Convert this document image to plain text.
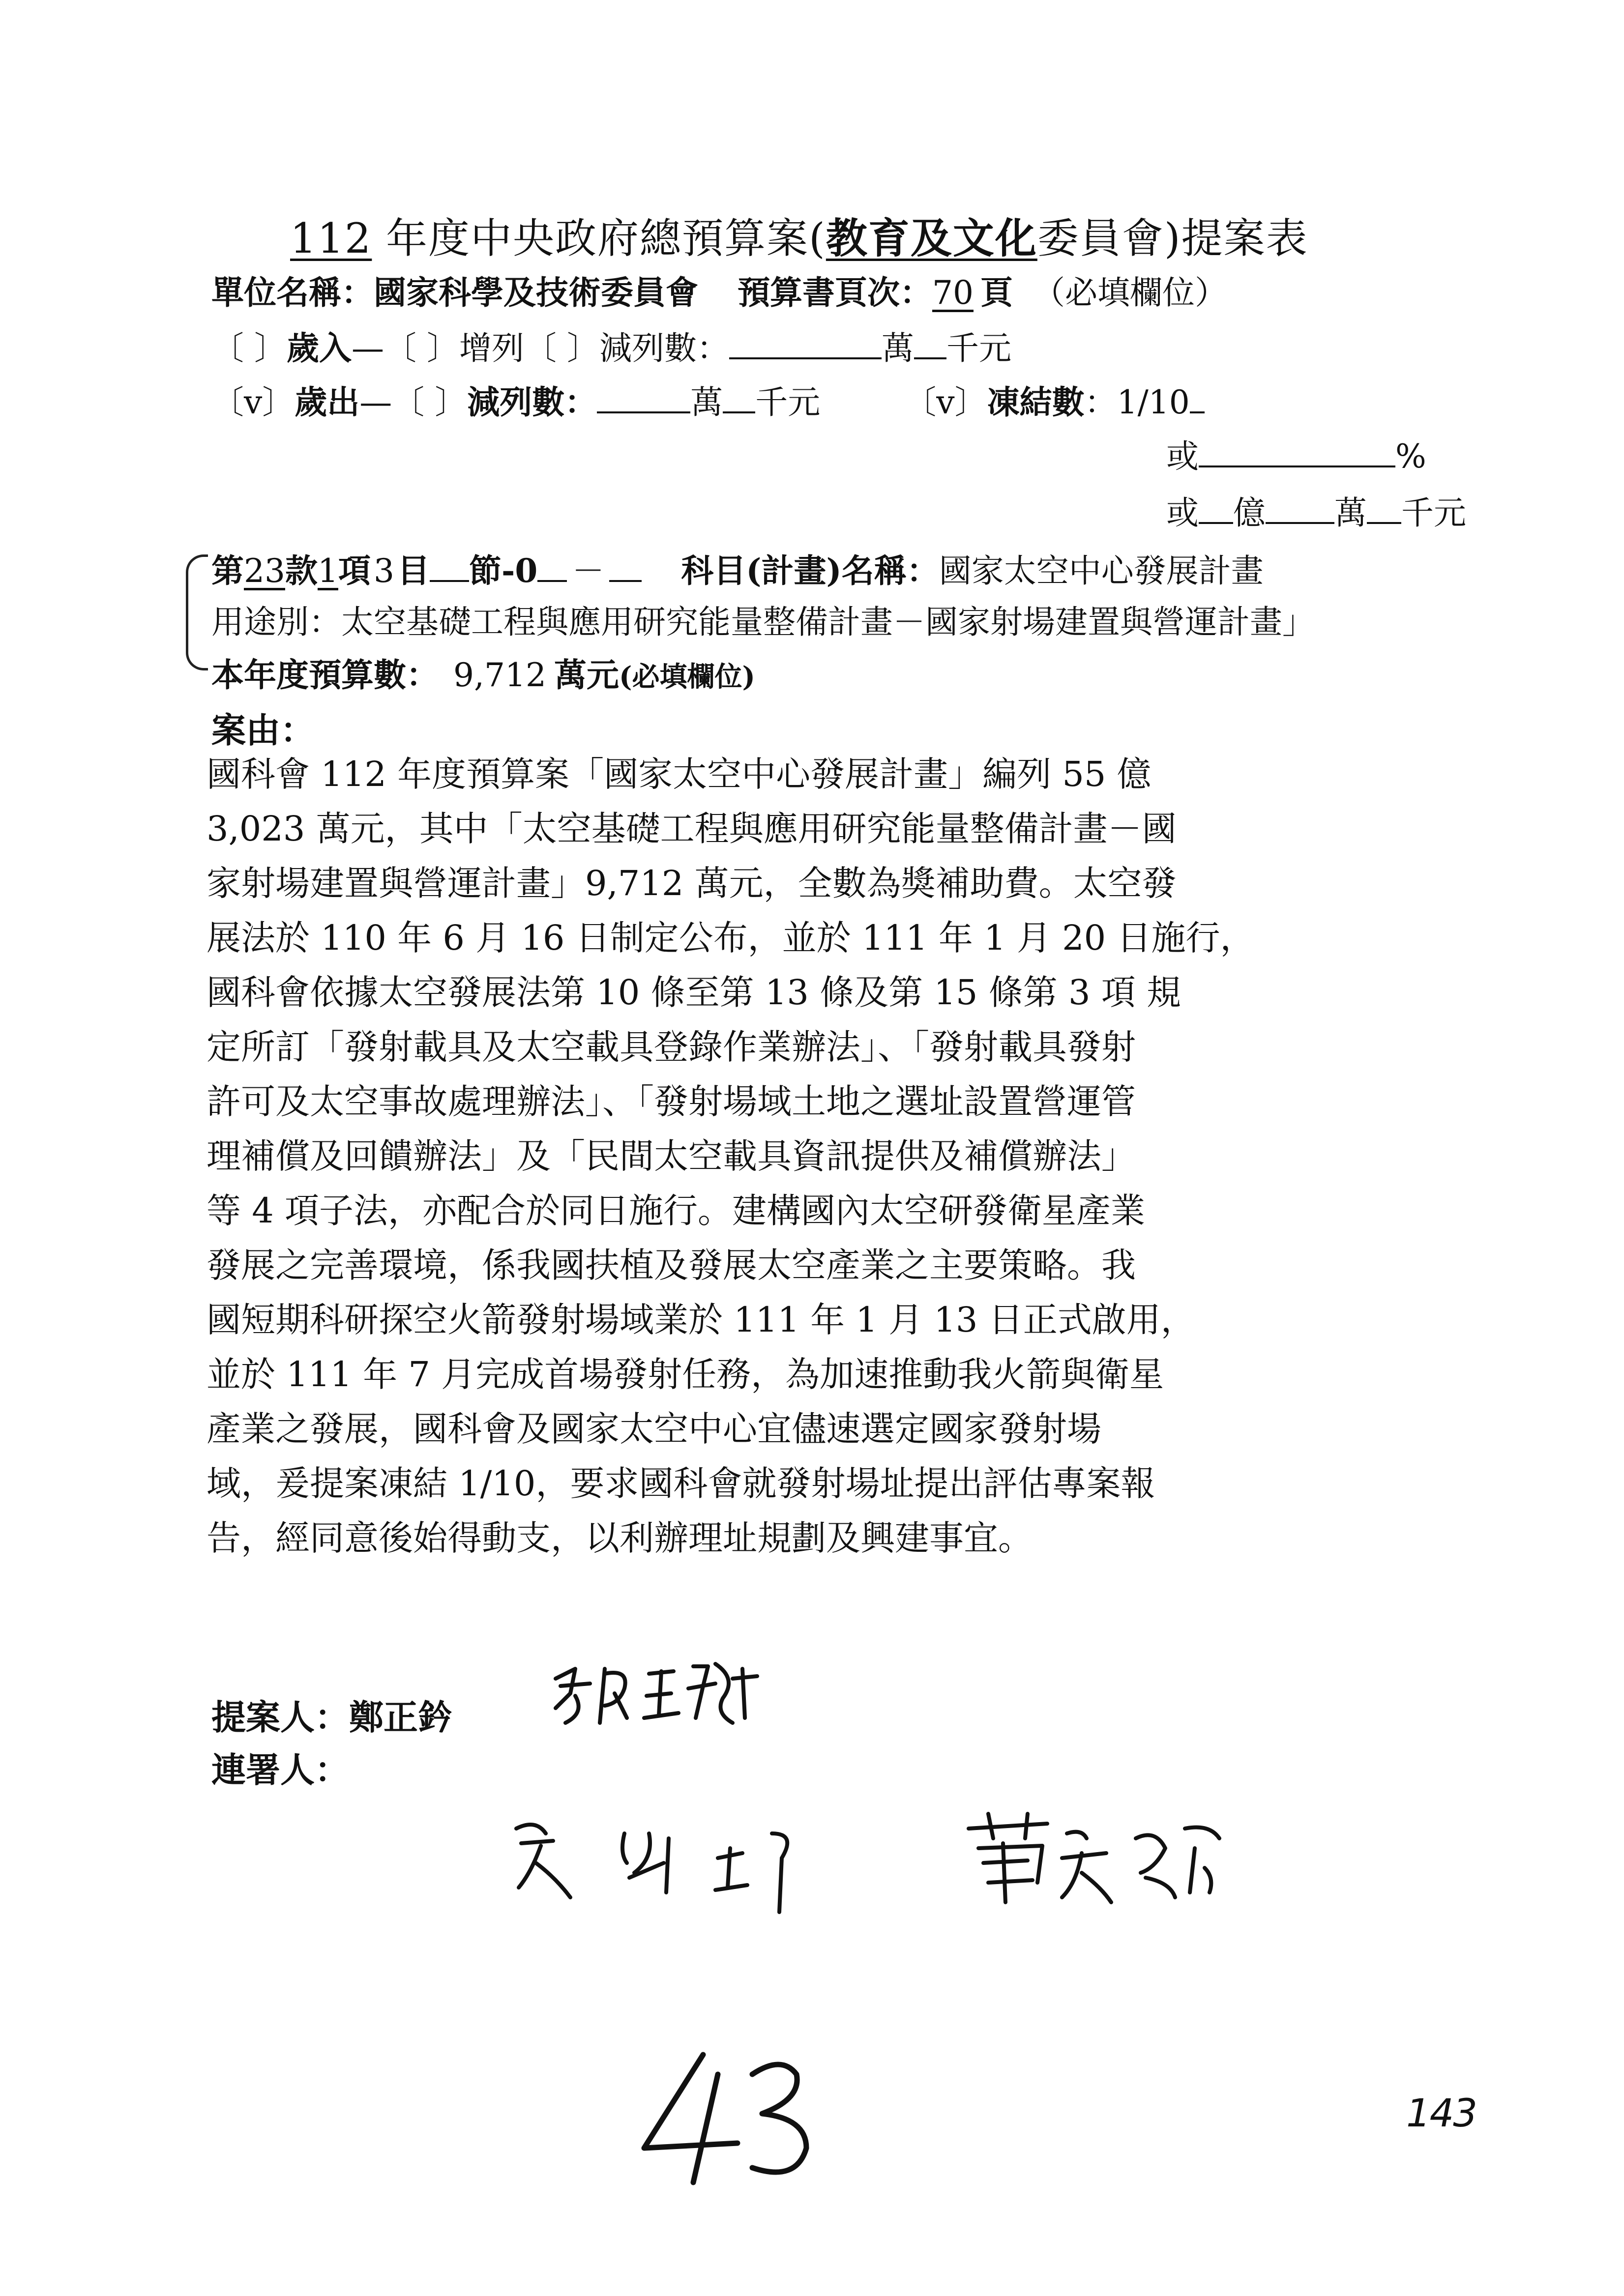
112 年度中央政府總預算案(教育及文化委員會)提案表
單位名稱：國家科學及技術委員會 預算書頁次：70 頁 （必填欄位）
〔 〕歲入—〔 〕增列〔 〕減列數：	萬 千元
〔v〕歲出—〔 〕減列數：	萬 千元	〔v〕凍結數：1/10
或	%
或 億 萬 千元
第23款1項3目 節-0 － 科目(計畫)名稱：國家太空中心發展計畫
用途別：太空基礎工程與應用研究能量整備計畫－國家射場建置與營運計畫」
本年度預算數： 9,712 萬元(必填欄位)
案由：

國科會 112 年度預算案「國家太空中心發展計畫」編列 55 億

3,023 萬元，其中「太空基礎工程與應用研究能量整備計畫－國

家射場建置與營運計畫」9,712 萬元，全數為獎補助費。太空發

展法於 110 年 6 月 16 日制定公布，並於 111 年 1 月 20 日施行，

國科會依據太空發展法第 10 條至第 13 條及第 15 條第 3 項 規

定所訂「發射載具及太空載具登錄作業辦法」、「發射載具發射

許可及太空事故處理辦法」、「發射場域土地之選址設置營運管

理補償及回饋辦法」及「民間太空載具資訊提供及補償辦法」

等 4 項子法，亦配合於同日施行。建構國內太空研發衛星產業

發展之完善環境，係我國扶植及發展太空產業之主要策略。我

國短期科研探空火箭發射場域業於 111 年 1 月 13 日正式啟用，

並於 111 年 7 月完成首場發射任務，為加速推動我火箭與衛星

產業之發展，國科會及國家太空中心宜儘速選定國家發射場

域，爰提案凍結 1/10，要求國科會就發射場址提出評估專案報

告，經同意後始得動支，以利辦理址規劃及興建事宜。

提案人：鄭正鈐
連署人：
43
143
